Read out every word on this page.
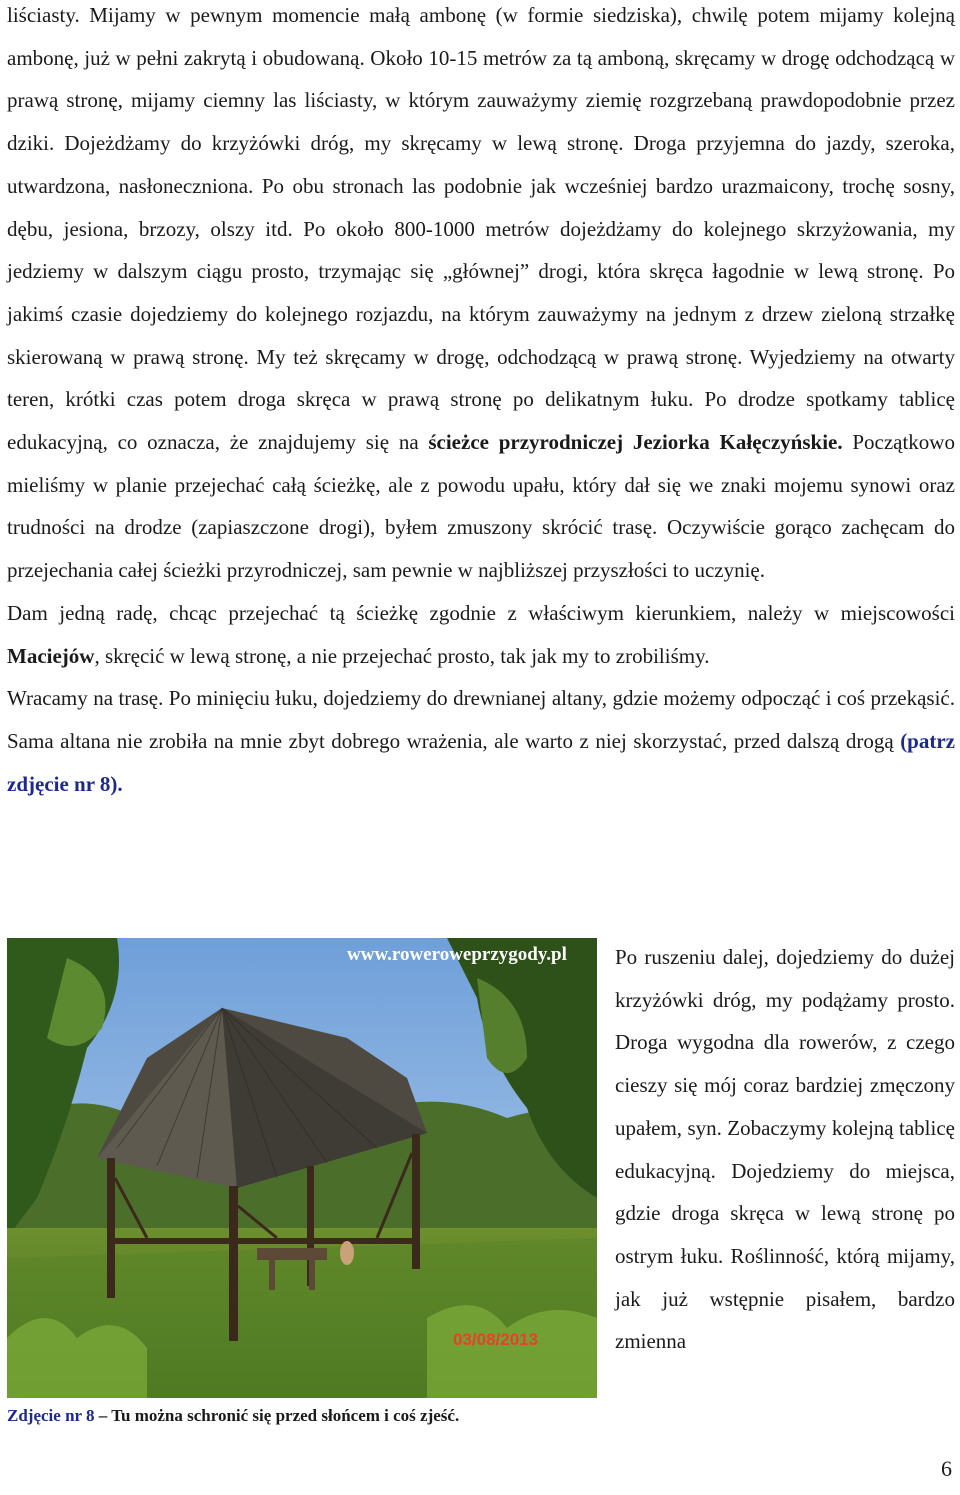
liściasty. Mijamy w pewnym momencie małą ambonę (w formie siedziska), chwilę potem mijamy kolejną ambonę, już w pełni zakrytą i obudowaną. Około 10-15 metrów za tą amboną, skręcamy w drogę odchodzącą w prawą stronę, mijamy ciemny las liściasty, w którym zauważymy ziemię rozgrzebaną prawdopodobnie przez dziki. Dojeżdżamy do krzyżówki dróg, my skręcamy w lewą stronę. Droga przyjemna do jazdy, szeroka, utwardzona, nasłoneczniona. Po obu stronach las podobnie jak wcześniej bardzo urazmaicony, trochę sosny, dębu, jesiona, brzozy, olszy itd. Po około 800-1000 metrów dojeżdżamy do kolejnego skrzyżowania, my jedziemy w dalszym ciągu prosto, trzymając się „głównej” drogi, która skręca łagodnie w lewą stronę. Po jakimś czasie dojedziemy do kolejnego rozjazdu, na którym zauważymy na jednym z drzew zieloną strzałkę skierowaną w prawą stronę. My też skręcamy w drogę, odchodzącą w prawą stronę. Wyjedziemy na otwarty teren, krótki czas potem droga skręca w prawą stronę po delikatnym łuku. Po drodze spotkamy tablicę edukacyjną, co oznacza, że znajdujemy się na ścieżce przyrodniczej Jeziorka Kałęczyńskie. Początkowo mieliśmy w planie przejechać całą ścieżkę, ale z powodu upału, który dał się we znaki mojemu synowi oraz trudności na drodze (zapiaszczone drogi), byłem zmuszony skrócić trasę. Oczywiście gorąco zachęcam do przejechania całej ścieżki przyrodniczej, sam pewnie w najbliższej przyszłości to uczynię.

Dam jedną radę, chcąc przejechać tą ścieżkę zgodnie z właściwym kierunkiem, należy w miejscowości Maciejów, skręcić w lewą stronę, a nie przejechać prosto, tak jak my to zrobiliśmy.

Wracamy na trasę. Po minięciu łuku, dojedziemy do drewnianej altany, gdzie możemy odpocząć i coś przekąsić. Sama altana nie zrobiła na mnie zbyt dobrego wrażenia, ale warto z niej skorzystać, przed dalszą drogą (patrz zdjęcie nr 8).

www.roweroweprzygody.pl
03/08/2013

Po ruszeniu dalej, dojedziemy do dużej krzyżówki dróg, my podążamy prosto. Droga wygodna dla rowerów, z czego cieszy się mój coraz bardziej zmęczony upałem, syn. Zobaczymy kolejną tablicę edukacyjną. Dojedziemy do miejsca, gdzie droga skręca w lewą stronę po ostrym łuku. Roślinność, którą mijamy, jak już wstępnie pisałem, bardzo zmienna

Zdjęcie nr 8 – Tu można schronić się przed słońcem i coś zjeść.
6
